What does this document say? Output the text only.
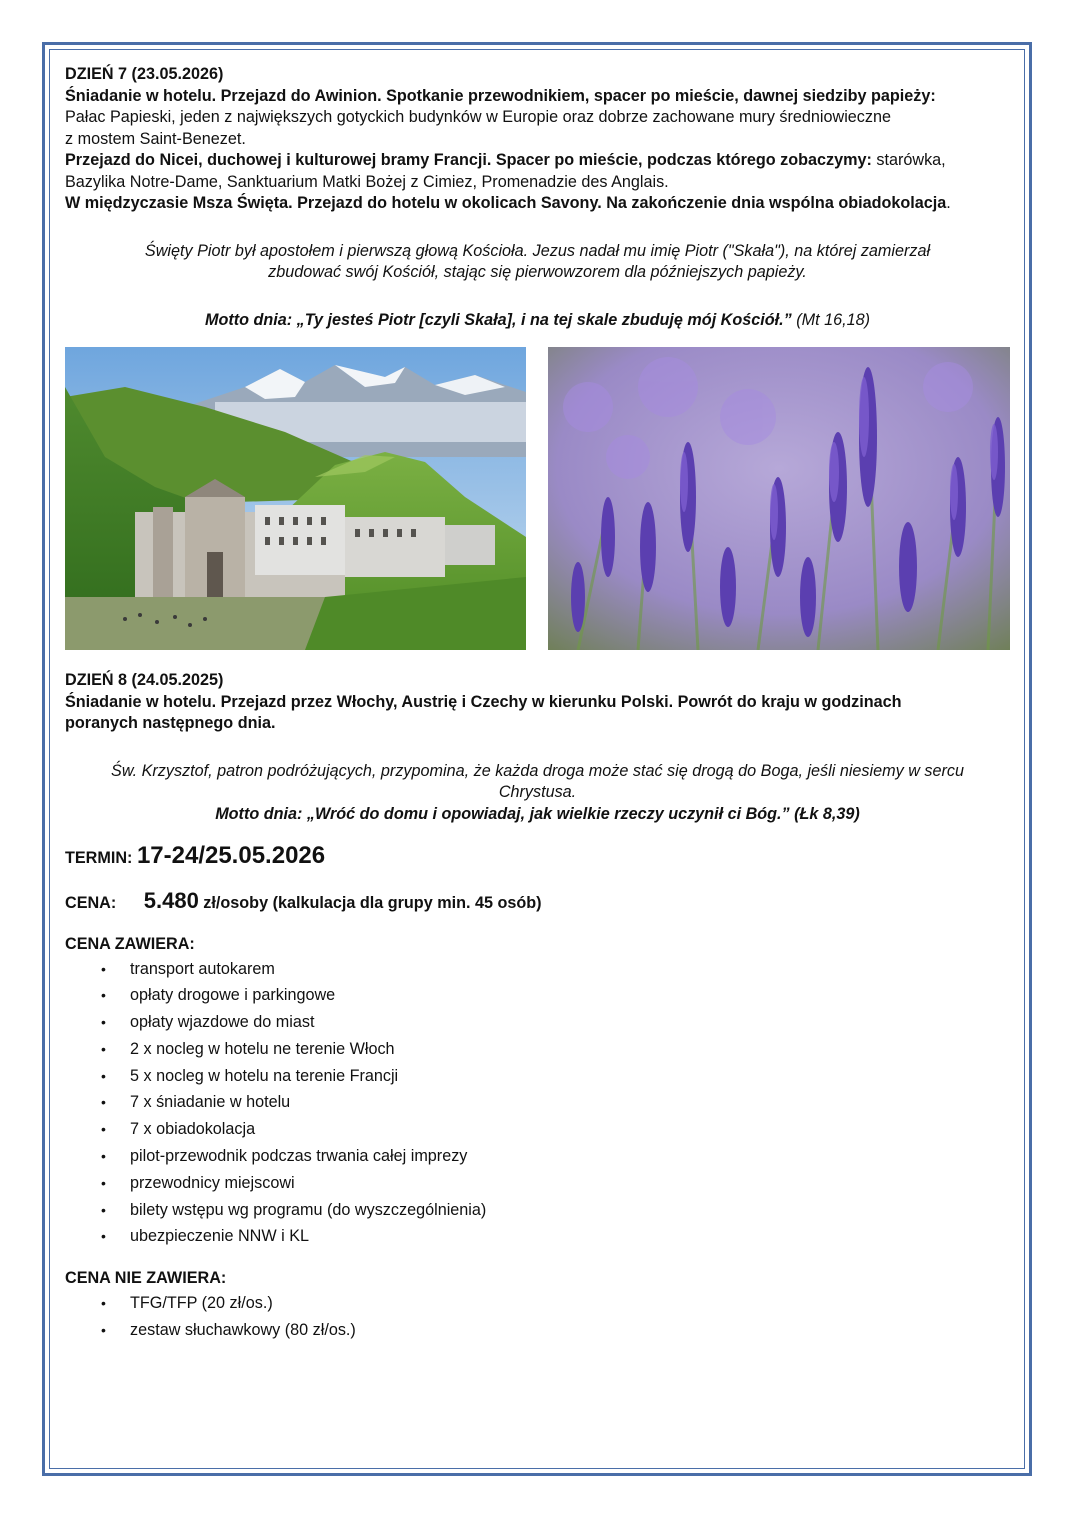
DZIEŃ 7 (23.05.2026)

Śniadanie w hotelu. Przejazd do Awinion. Spotkanie przewodnikiem, spacer po mieście, dawnej siedziby papieży:

Pałac Papieski, jeden z największych gotyckich budynków w Europie oraz dobrze zachowane mury średniowieczne

z mostem Saint-Benezet.

Przejazd do Nicei, duchowej i kulturowej bramy Francji. Spacer po mieście, podczas którego zobaczymy: starówka,

Bazylika Notre-Dame, Sanktuarium Matki Bożej z Cimiez, Promenadzie des Anglais.

W międzyczasie Msza Święta. Przejazd do hotelu w okolicach Savony. Na zakończenie dnia wspólna obiadokolacja.

Święty Piotr był apostołem i pierwszą głową Kościoła. Jezus nadał mu imię Piotr ("Skała"), na której zamierzał

zbudować swój Kościół, stając się pierwowzorem dla późniejszych papieży.

Motto dnia: „Ty jesteś Piotr [czyli Skała], i na tej skale zbuduję mój Kościół.” (Mt 16,18)

DZIEŃ 8 (24.05.2025)

Śniadanie w hotelu. Przejazd przez Włochy, Austrię i Czechy w kierunku Polski. Powrót do kraju w godzinach

poranych następnego dnia.

Św. Krzysztof, patron podróżujących, przypomina, że każda droga może stać się drogą do Boga, jeśli niesiemy w sercu

Chrystusa.

Motto dnia: „Wróć do domu i opowiadaj, jak wielkie rzeczy uczynił ci Bóg.” (Łk 8,39)

TERMIN: 17-24/25.05.2026

CENA:   5.480 zł/osoby (kalkulacja dla grupy min. 45 osób)

CENA ZAWIERA:

• transport autokarem
• opłaty drogowe i parkingowe
• opłaty wjazdowe do miast
• 2 x nocleg w hotelu ne terenie Włoch
• 5 x nocleg w hotelu na terenie Francji
• 7 x śniadanie w hotelu
• 7 x obiadokolacja
• pilot-przewodnik podczas trwania całej imprezy
• przewodnicy miejscowi
• bilety wstępu wg programu (do wyszczególnienia)
• ubezpieczenie NNW i KL

CENA NIE ZAWIERA:

• TFG/TFP (20 zł/os.)
• zestaw słuchawkowy (80 zł/os.)
